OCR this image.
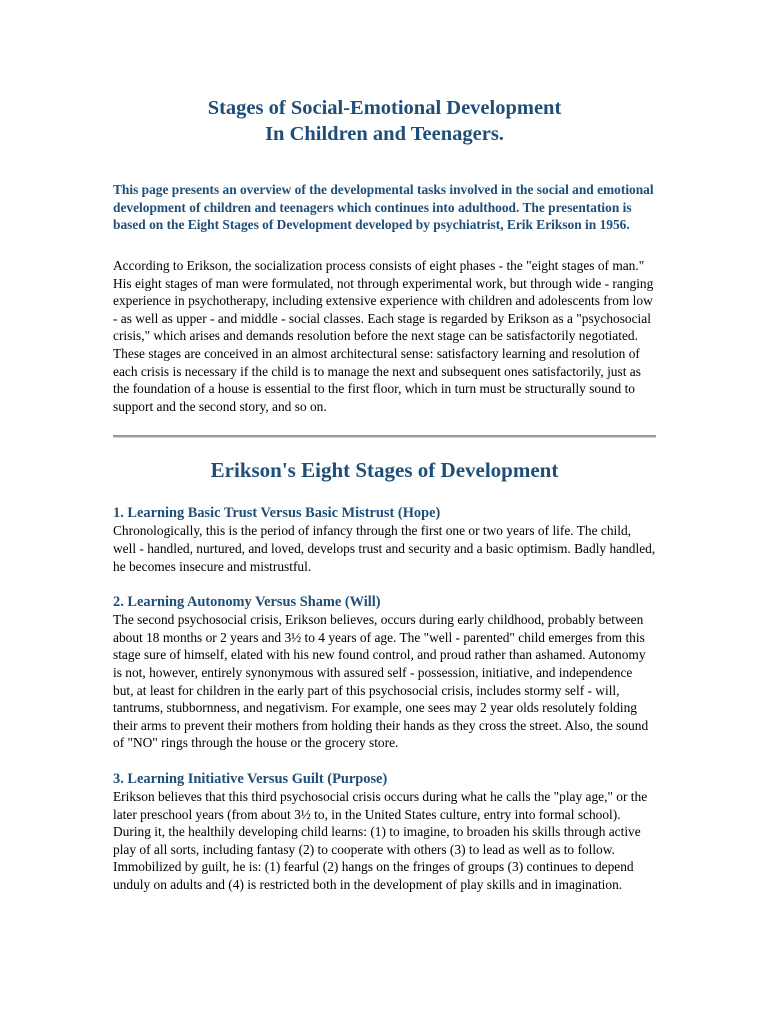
Stages of Social-Emotional Development
In Children and Teenagers.

This page presents an overview of the developmental tasks involved in the social and emotional development of children and teenagers which continues into adulthood. The presentation is based on the Eight Stages of Development developed by psychiatrist, Erik Erikson in 1956.

According to Erikson, the socialization process consists of eight phases - the "eight stages of man." His eight stages of man were formulated, not through experimental work, but through wide - ranging experience in psychotherapy, including extensive experience with children and adolescents from low - as well as upper - and middle - social classes. Each stage is regarded by Erikson as a "psychosocial crisis," which arises and demands resolution before the next stage can be satisfactorily negotiated. These stages are conceived in an almost architectural sense: satisfactory learning and resolution of each crisis is necessary if the child is to manage the next and subsequent ones satisfactorily, just as the foundation of a house is essential to the first floor, which in turn must be structurally sound to support and the second story, and so on.

Erikson's Eight Stages of Development
1. Learning Basic Trust Versus Basic Mistrust (Hope)

Chronologically, this is the period of infancy through the first one or two years of life. The child, well - handled, nurtured, and loved, develops trust and security and a basic optimism. Badly handled, he becomes insecure and mistrustful.

2. Learning Autonomy Versus Shame (Will)

The second psychosocial crisis, Erikson believes, occurs during early childhood, probably between about 18 months or 2 years and 3½ to 4 years of age. The "well - parented" child emerges from this stage sure of himself, elated with his new found control, and proud rather than ashamed. Autonomy is not, however, entirely synonymous with assured self - possession, initiative, and independence but, at least for children in the early part of this psychosocial crisis, includes stormy self - will, tantrums, stubbornness, and negativism. For example, one sees may 2 year olds resolutely folding their arms to prevent their mothers from holding their hands as they cross the street. Also, the sound of "NO" rings through the house or the grocery store.

3. Learning Initiative Versus Guilt (Purpose)

Erikson believes that this third psychosocial crisis occurs during what he calls the "play age," or the later preschool years (from about 3½ to, in the United States culture, entry into formal school). During it, the healthily developing child learns: (1) to imagine, to broaden his skills through active play of all sorts, including fantasy (2) to cooperate with others (3) to lead as well as to follow. Immobilized by guilt, he is: (1) fearful (2) hangs on the fringes of groups (3) continues to depend unduly on adults and (4) is restricted both in the development of play skills and in imagination.
